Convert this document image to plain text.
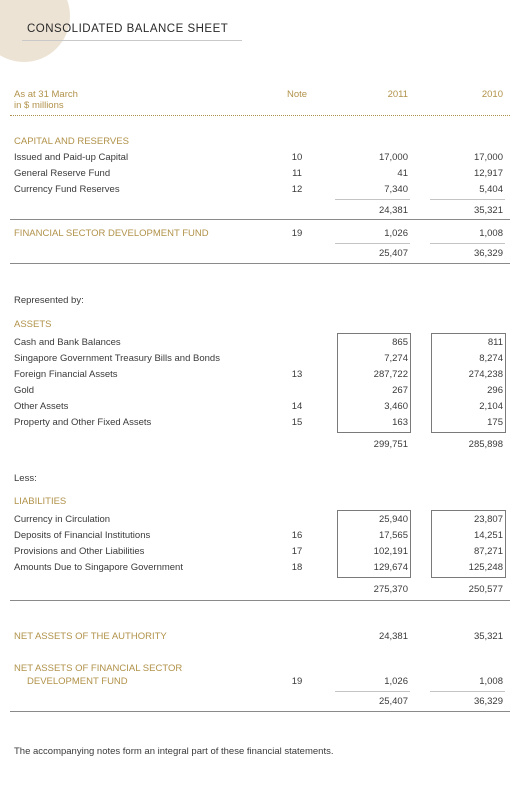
CONSOLIDATED BALANCE SHEET
As at 31 March
in $ millions
Note	2011	2010
CAPITAL AND RESERVES
Issued and Paid-up Capital	10	17,000	17,000
General Reserve Fund	11	41	12,917
Currency Fund Reserves	12	7,340	5,404
24,381	35,321
FINANCIAL SECTOR DEVELOPMENT FUND	19	1,026	1,008
25,407	36,329
Represented by:
ASSETS
Cash and Bank Balances	865	811
Singapore Government Treasury Bills and Bonds	7,274	8,274
Foreign Financial Assets	13	287,722	274,238
Gold	267	296
Other Assets	14	3,460	2,104
Property and Other Fixed Assets	15	163	175
299,751	285,898
Less:
LIABILITIES
Currency in Circulation	25,940	23,807
Deposits of Financial Institutions	16	17,565	14,251
Provisions and Other Liabilities	17	102,191	87,271
Amounts Due to Singapore Government	18	129,674	125,248
275,370	250,577
NET ASSETS OF THE AUTHORITY	24,381	35,321
NET ASSETS OF FINANCIAL SECTOR
DEVELOPMENT FUND	19	1,026	1,008
25,407	36,329
The accompanying notes form an integral part of these financial statements.
